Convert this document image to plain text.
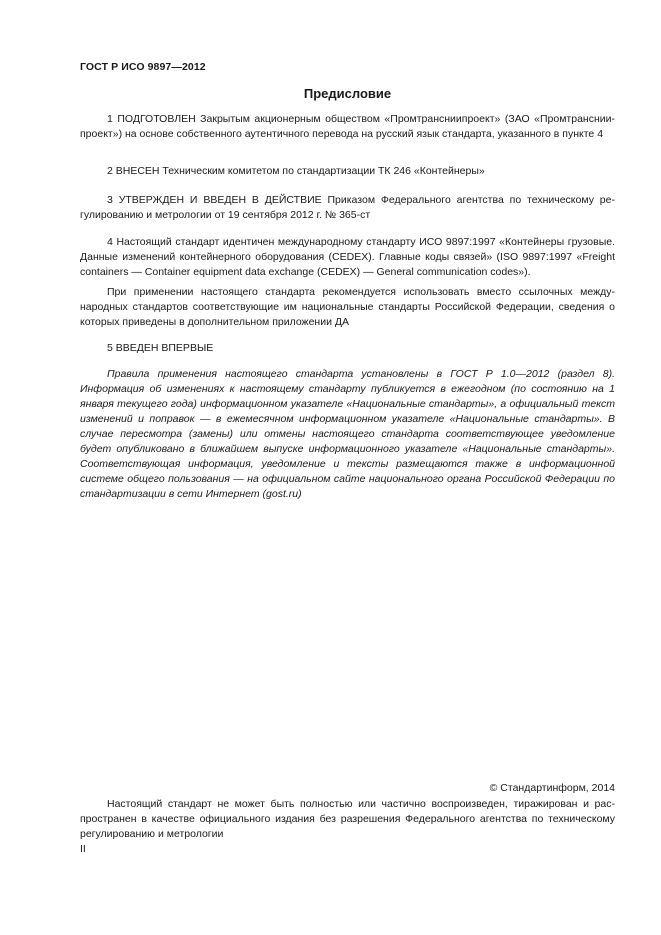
ГОСТ Р ИСО 9897—2012
Предисловие

1 ПОДГОТОВЛЕН Закрытым акционерным обществом «Промтрансниипроект» (ЗАО «Промтрансниипроект») на основе собственного аутентичного перевода на русский язык стандарта, указанного в пункте 4

2 ВНЕСЕН Техническим комитетом по стандартизации ТК 246 «Контейнеры»

3 УТВЕРЖДЕН И ВВЕДЕН В ДЕЙСТВИЕ Приказом Федерального агентства по техническому регулированию и метрологии от 19 сентября 2012 г. № 365-ст

4 Настоящий стандарт идентичен международному стандарту ИСО 9897:1997 «Контейнеры грузовые. Данные изменений контейнерного оборудования (CEDEX). Главные коды связей» (ISO 9897:1997 «Freight containers — Container equipment data exchange (CEDEX) — General communication codes»).

При применении настоящего стандарта рекомендуется использовать вместо ссылочных международных стандартов соответствующие им национальные стандарты Российской Федерации, сведения о которых приведены в дополнительном приложении ДА

5 ВВЕДЕН ВПЕРВЫЕ

Правила применения настоящего стандарта установлены в ГОСТ Р 1.0—2012 (раздел 8). Информация об изменениях к настоящему стандарту публикуется в ежегодном (по состоянию на 1 января текущего года) информационном указателе «Национальные стандарты», а официальный текст изменений и поправок — в ежемесячном информационном указателе «Национальные стандарты». В случае пересмотра (замены) или отмены настоящего стандарта соответствующее уведомление будет опубликовано в ближайшем выпуске информационного указателе «Национальные стандарты». Соответствующая информация, уведомление и тексты размещаются также в информационной системе общего пользования — на официальном сайте национального органа Российской Федерации по стандартизации в сети Интернет (gost.ru)

© Стандартинформ, 2014

Настоящий стандарт не может быть полностью или частично воспроизведен, тиражирован и распространен в качестве официального издания без разрешения Федерального агентства по техническому регулированию и метрологии

II
